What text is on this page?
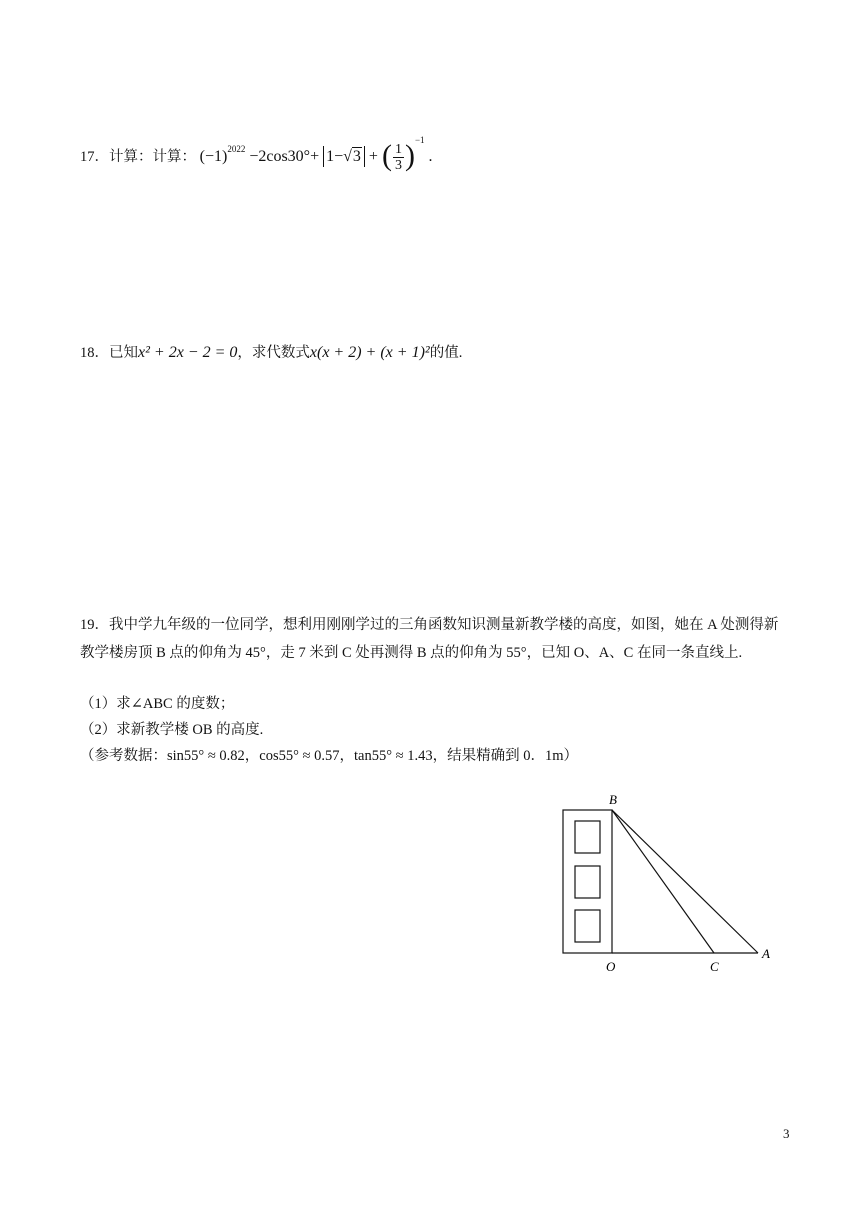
17．计算：计算： $(-1)^{2022} -2\cos 30^\circ+ 1-√3$ + ( $\frac{1}{3} )^{-1}$ .
18．已知x² + 2x − 2 = 0，求代数式x(x + 2) + (x + 1)²的值.
19．我中学九年级的一位同学，想利用刚刚学过的三角函数知识测量新教学楼的高度，如图，她在 A 处测得新教学楼房顶 B 点的仰角为 45°，走 7 米到 C 处再测得 B 点的仰角为 55°，已知 O、A、C 在同一条直线上.
（1）求∠ABC 的度数；
（2）求新教学楼 OB 的高度.
（参考数据：sin55° ≈ 0.82，cos55° ≈ 0.57，tan55° ≈ 1.43，结果精确到 0．1m）
B
O	C
A
3
